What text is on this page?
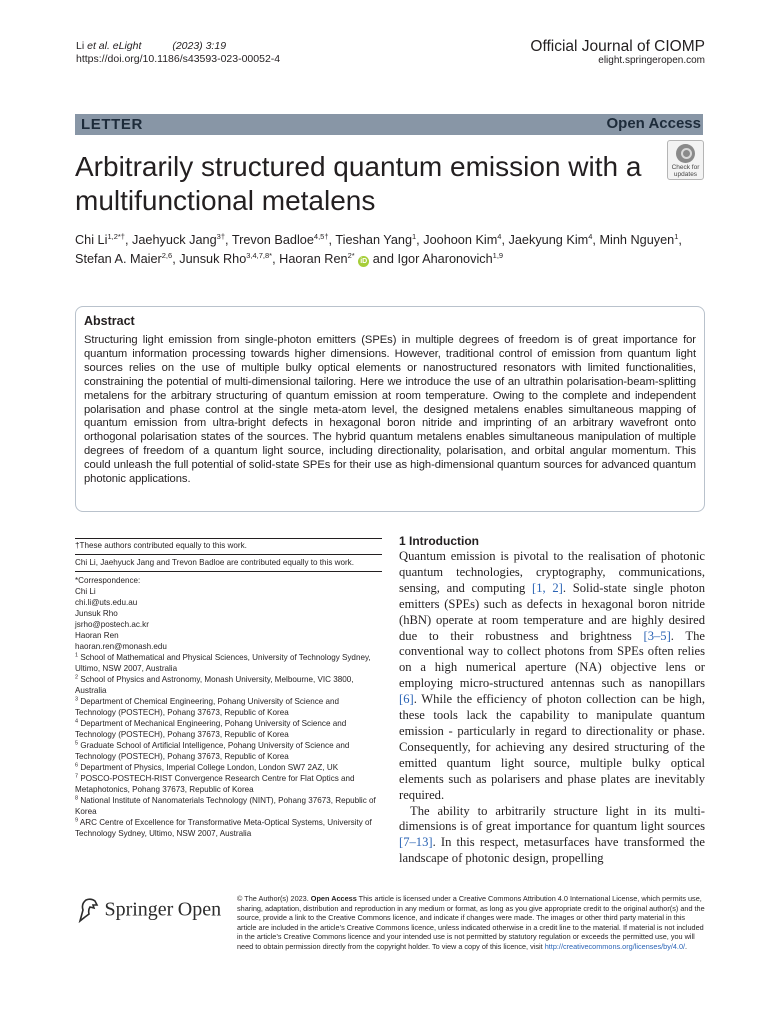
Li et al. eLight	(2023) 3:19
https://doi.org/10.1186/s43593-023-00052-4
Official Journal of CIOMP
elight.springeropen.com
LETTER	Open Access
Arbitrarily structured quantum emission with a multifunctional metalens
Check for
updates
Chi $Li^{1,2*\dagger}$, Jaehyuck Jang$^{3\dagger}$, Trevon Badloe$^{4,5\dagger}$, Tieshan Yang$^1$, Joohoon Kim$^4$, Jaekyung Kim$^4$, Minh Nguyen$^1$,
Stefan A. Maier$^{2,6}$, Junsuk Rho$^{3,4,7,8*}$, Haoran Ren$^{2*}$ iD and Igor Aharonovich$^{1,9}$
Abstract

Structuring light emission from single-photon emitters (SPEs) in multiple degrees of freedom is of great importance for quantum information processing towards higher dimensions. However, traditional control of emission from quantum light sources relies on the use of multiple bulky optical elements or nanostructured resonators with limited functionalities, constraining the potential of multi-dimensional tailoring. Here we introduce the use of an ultrathin polarisation-beam-splitting metalens for the arbitrary structuring of quantum emission at room temperature. Owing to the complete and independent polarisation and phase control at the single meta-atom level, the designed metalens enables simultaneous mapping of quantum emission from ultra-bright defects in hexagonal boron nitride and imprinting of an arbitrary wavefront onto orthogonal polarisation states of the sources. The hybrid quantum metalens enables simultaneous manipulation of multiple degrees of freedom of a quantum light source, including directionality, polarisation, and orbital angular momentum. This could unleash the full potential of solid-state SPEs for their use as high-dimensional quantum sources for advanced quantum photonic applications.

†These authors contributed equally to this work.
Chi Li, Jaehyuck Jang and Trevon Badloe are contributed equally to this work.
*Correspondence:
Chi Li
chi.li@uts.edu.au
Junsuk Rho
jsrho@postech.ac.kr
Haoran Ren
haoran.ren@monash.edu
$^1$ School of Mathematical and Physical Sciences, University of Technology Sydney, Ultimo, NSW 2007, Australia
$^2$ School of Physics and Astronomy, Monash University, Melbourne, VIC 3800, Australia
$^3$ Department of Chemical Engineering, Pohang University of Science and Technology (POSTECH), Pohang 37673, Republic of Korea
$^4$ Department of Mechanical Engineering, Pohang University of Science and Technology (POSTECH), Pohang 37673, Republic of Korea
$^5$ Graduate School of Artificial Intelligence, Pohang University of Science and Technology (POSTECH), Pohang 37673, Republic of Korea
$^6$ Department of Physics, Imperial College London, London SW7 2AZ, UK
$^7$ POSCO-POSTECH-RIST Convergence Research Centre for Flat Optics and Metaphotonics, Pohang 37673, Republic of Korea
$^8$ National Institute of Nanomaterials Technology (NINT), Pohang 37673, Republic of Korea
$^9$ ARC Centre of Excellence for Transformative Meta-Optical Systems, University of Technology Sydney, Ultimo, NSW 2007, Australia
1 Introduction

Quantum emission is pivotal to the realisation of photonic quantum technologies, cryptography, communications, sensing, and computing [1, 2]. Solid-state single photon emitters (SPEs) such as defects in hexagonal boron nitride (hBN) operate at room temperature and are highly desired due to their robustness and brightness [3–5]. The conventional way to collect photons from SPEs often relies on a high numerical aperture (NA) objective lens or employing micro-structured antennas such as nanopillars [6]. While the efficiency of photon collection can be high, these tools lack the capability to manipulate quantum emission - particularly in regard to directionality or phase. Consequently, for achieving any desired structuring of the emitted quantum light source, multiple bulky optical elements such as polarisers and phase plates are inevitably required.

The ability to arbitrarily structure light in its multi-dimensions is of great importance for quantum light sources [7–13]. In this respect, metasurfaces have transformed the landscape of photonic design, propelling

Springer Open © The Author(s) 2023. Open Access This article is licensed under a Creative Commons Attribution 4.0 International License, which permits use, sharing, adaptation, distribution and reproduction in any medium or format, as long as you give appropriate credit to the original author(s) and the source, provide a link to the Creative Commons licence, and indicate if changes were made. The images or other third party material in this article are included in the article’s Creative Commons licence, unless indicated otherwise in a credit line to the material. If material is not included in the article’s Creative Commons licence and your intended use is not permitted by statutory regulation or exceeds the permitted use, you will need to obtain permission directly from the copyright holder. To view a copy of this licence, visit http://creativecommons.org/licenses/by/4.0/.
